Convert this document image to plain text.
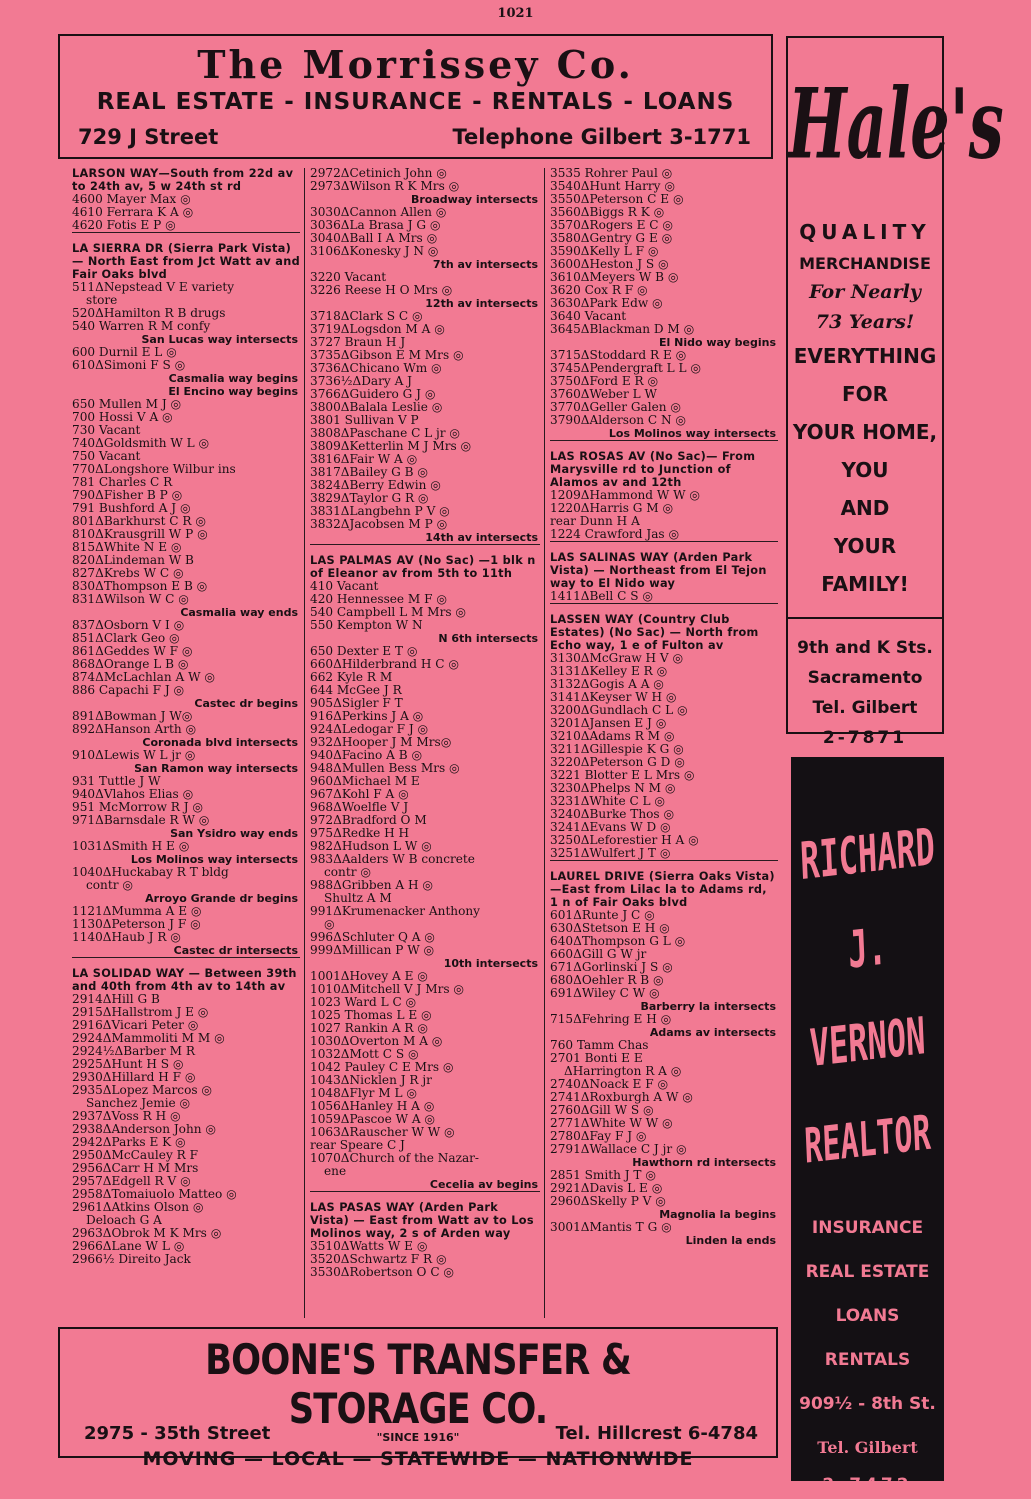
1021
The Morrissey Co.
REAL ESTATE - INSURANCE - RENTALS - LOANS
729 J Street	Telephone Gilbert 3-1771 Hale's
QUALITY
MERCHANDISE
For Nearly
73 Years!
EVERYTHING
FOR
YOUR HOME,
YOU
AND
YOUR
FAMILY!
9th and K Sts.
Sacramento
Tel. Gilbert
2-7871
RICHARD
J.
VERNON
REALTOR
INSURANCE
REAL ESTATE
LOANS
RENTALS
909½ - 8th St.
Tel. Gilbert
2-7472
BOONE'S TRANSFER & STORAGE CO.
"SINCE 1916"
MOVING — LOCAL — STATEWIDE — NATIONWIDE
2975 - 35th Street	Tel. Hillcrest 6-4784
LARSON WAY—South from 22d av to 24th av, 5 w 24th st rd
4600 Mayer Max ◎
4610 Ferrara K A ◎
4620 Fotis E P ◎
LA SIERRA DR (Sierra Park Vista) — North East from Jct Watt av and Fair Oaks blvd
511ΔNepstead V E variety
store
520ΔHamilton R B drugs
540 Warren R M confy
San Lucas way intersects
600 Durnil E L ◎
610ΔSimoni F S ◎
Casmalia way begins
El Encino way begins
650 Mullen M J ◎
700 Hossi V A ◎
730 Vacant
740ΔGoldsmith W L ◎
750 Vacant
770ΔLongshore Wilbur ins
781 Charles C R
790ΔFisher B P ◎
791 Bushford A J ◎
801ΔBarkhurst C R ◎
810ΔKrausgrill W P ◎
815ΔWhite N E ◎
820ΔLindeman W B
827ΔKrebs W C ◎
830ΔThompson E B ◎
831ΔWilson W C ◎
Casmalia way ends
837ΔOsborn V I ◎
851ΔClark Geo ◎
861ΔGeddes W F ◎
868ΔOrange L B ◎
874ΔMcLachlan A W ◎
886 Capachi F J ◎
Castec dr begins
891ΔBowman J W◎
892ΔHanson Arth ◎
Coronada blvd intersects
910ΔLewis W L jr ◎
San Ramon way intersects
931 Tuttle J W
940ΔVlahos Elias ◎
951 McMorrow R J ◎
971ΔBarnsdale R W ◎
San Ysidro way ends
1031ΔSmith H E ◎
Los Molinos way intersects
1040ΔHuckabay R T bldg
contr ◎
Arroyo Grande dr begins
1121ΔMumma A E ◎
1130ΔPeterson J F ◎
1140ΔHaub J R ◎
Castec dr intersects
LA SOLIDAD WAY — Between 39th and 40th from 4th av to 14th av
2914ΔHill G B
2915ΔHallstrom J E ◎
2916ΔVicari Peter ◎
2924ΔMammoliti M M ◎
2924½ΔBarber M R
2925ΔHunt H S ◎
2930ΔHillard H F ◎
2935ΔLopez Marcos ◎
Sanchez Jemie ◎
2937ΔVoss R H ◎
2938ΔAnderson John ◎
2942ΔParks E K ◎
2950ΔMcCauley R F
2956ΔCarr H M Mrs
2957ΔEdgell R V ◎
2958ΔTomaiuolo Matteo ◎
2961ΔAtkins Olson ◎
Deloach G A
2963ΔObrok M K Mrs ◎
2966ΔLane W L ◎
2966½ Direito Jack
2972ΔCetinich John ◎
2973ΔWilson R K Mrs ◎
Broadway intersects
3030ΔCannon Allen ◎
3036ΔLa Brasa J G ◎
3040ΔBall I A Mrs ◎
3106ΔKonesky J N ◎
7th av intersects
3220 Vacant
3226 Reese H O Mrs ◎
12th av intersects
3718ΔClark S C ◎
3719ΔLogsdon M A ◎
3727 Braun H J
3735ΔGibson E M Mrs ◎
3736ΔChicano Wm ◎
3736½ΔDary A J
3766ΔGuidero G J ◎
3800ΔBalala Leslie ◎
3801 Sullivan V P
3808ΔPaschane C L jr ◎
3809ΔKetterlin M J Mrs ◎
3816ΔFair W A ◎
3817ΔBailey G B ◎
3824ΔBerry Edwin ◎
3829ΔTaylor G R ◎
3831ΔLangbehn P V ◎
3832ΔJacobsen M P ◎
14th av intersects
LAS PALMAS AV (No Sac) —1 blk n of Eleanor av from 5th to 11th
410 Vacant
420 Hennessee M F ◎
540 Campbell L M Mrs ◎
550 Kempton W N
N 6th intersects
650 Dexter E T ◎
660ΔHilderbrand H C ◎
662 Kyle R M
644 McGee J R
905ΔSigler F T
916ΔPerkins J A ◎
924ΔLedogar F J ◎
932ΔHooper J M Mrs◎
940ΔFacino A B ◎
948ΔMullen Bess Mrs ◎
960ΔMichael M E
967ΔKohl F A ◎
968ΔWoelfle V J
972ΔBradford O M
975ΔRedke H H
982ΔHudson L W ◎
983ΔAalders W B concrete
contr ◎
988ΔGribben A H ◎
Shultz A M
991ΔKrumenacker Anthony
◎
996ΔSchluter Q A ◎
999ΔMillican P W ◎
10th intersects
1001ΔHovey A E ◎
1010ΔMitchell V J Mrs ◎
1023 Ward L C ◎
1025 Thomas L E ◎
1027 Rankin A R ◎
1030ΔOverton M A ◎
1032ΔMott C S ◎
1042 Pauley C E Mrs ◎
1043ΔNicklen J R jr
1048ΔFlyr M L ◎
1056ΔHanley H A ◎
1059ΔPascoe W A ◎
1063ΔRauscher W W ◎
rear Speare C J
1070ΔChurch of the Nazar-
ene
Cecelia av begins
LAS PASAS WAY (Arden Park Vista) — East from Watt av to Los Molinos way, 2 s of Arden way
3510ΔWatts W E ◎
3520ΔSchwartz F R ◎
3530ΔRobertson O C ◎
3535 Rohrer Paul ◎
3540ΔHunt Harry ◎
3550ΔPeterson C E ◎
3560ΔBiggs R K ◎
3570ΔRogers E C ◎
3580ΔGentry G E ◎
3590ΔKelly L F ◎
3600ΔHeston J S ◎
3610ΔMeyers W B ◎
3620 Cox R F ◎
3630ΔPark Edw ◎
3640 Vacant
3645ΔBlackman D M ◎
El Nido way begins
3715ΔStoddard R E ◎
3745ΔPendergraft L L ◎
3750ΔFord E R ◎
3760ΔWeber L W
3770ΔGeller Galen ◎
3790ΔAlderson C N ◎
Los Molinos way intersects
LAS ROSAS AV (No Sac)— From Marysville rd to Junction of Alamos av and 12th
1209ΔHammond W W ◎
1220ΔHarris G M ◎
rear Dunn H A
1224 Crawford Jas ◎
LAS SALINAS WAY (Arden Park Vista) — Northeast from El Tejon way to El Nido way
1411ΔBell C S ◎
LASSEN WAY (Country Club Estates) (No Sac) — North from Echo way, 1 e of Fulton av
3130ΔMcGraw H V ◎
3131ΔKelley E R ◎
3132ΔGogis A A ◎
3141ΔKeyser W H ◎
3200ΔGundlach C L ◎
3201ΔJansen E J ◎
3210ΔAdams R M ◎
3211ΔGillespie K G ◎
3220ΔPeterson G D ◎
3221 Blotter E L Mrs ◎
3230ΔPhelps N M ◎
3231ΔWhite C L ◎
3240ΔBurke Thos ◎
3241ΔEvans W D ◎
3250ΔLeforestier H A ◎
3251ΔWulfert J T ◎
LAUREL DRIVE (Sierra Oaks Vista)—East from Lilac la to Adams rd, 1 n of Fair Oaks blvd
601ΔRunte J C ◎
630ΔStetson E H ◎
640ΔThompson G L ◎
660ΔGill G W jr
671ΔGorlinski J S ◎
680ΔOehler R B ◎
691ΔWiley C W ◎
Barberry la intersects
715ΔFehring E H ◎
Adams av intersects
760 Tamm Chas
2701 Bonti E E
ΔHarrington R A ◎
2740ΔNoack E F ◎
2741ΔRoxburgh A W ◎
2760ΔGill W S ◎
2771ΔWhite W W ◎
2780ΔFay F J ◎
2791ΔWallace C J jr ◎
Hawthorn rd intersects
2851 Smith J T ◎
2921ΔDavis L E ◎
2960ΔSkelly P V ◎
Magnolia la begins
3001ΔMantis T G ◎
Linden la ends
